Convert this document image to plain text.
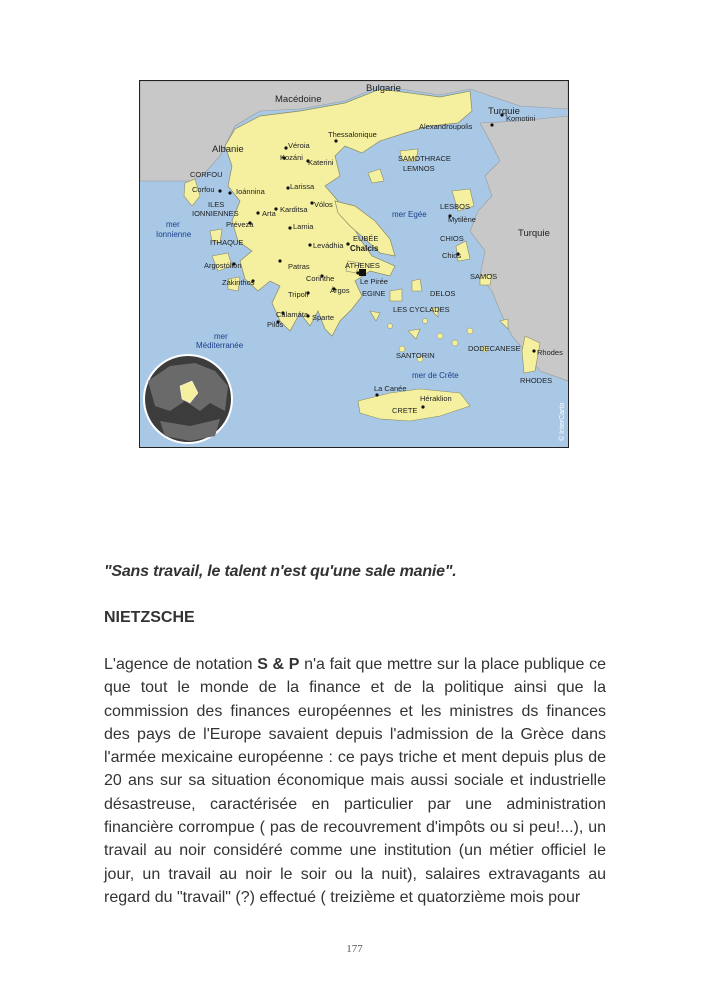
Bulgarie
Macédoine
Turquie
Turquie
Albanie
Komotini
Alexandroupolis
Thessalonique
Véroia
Kozáni
Katerini	SAMOTHRACE
LEMNOS
CORFOU
Corfou	Ioánnina
Larissa
ILES
IONNIENNES	Arta Karditsa
Vólos	LESBOS
Mytilène
Préveza	Lamia
EUBÉE	CHIOS
ITHAQUE	Levádhia
Chios
Argostólion	Patras	ATHENES
SAMOS
Zákinthos	Corinthe	Le Pirée
Árgos
Tripoli	EGINE	DELOS
LES CYCLADES
Calamáta Sparte
Pilos
DODECANESE Rhodes
SANTORIN
RHODES
La Canée
Héraklion
CRETE
Chalcis
mer Egée
mer
Ionnienne
mer
Méditerranée
mer de Crête
© InterCarto
"Sans travail, le talent n'est qu'une sale manie".
NIETZSCHE
L'agence de notation S & P n'a fait que mettre sur la place publique ce que tout le monde de la finance et de la politique ainsi que la commission des finances européennes et les ministres ds finances des pays de l'Europe savaient depuis l'admission de la Grèce dans l'armée mexicaine européenne : ce pays triche et ment depuis plus de 20 ans sur sa situation économique mais aussi sociale et industrielle désastreuse, caractérisée en particulier par une administration financière corrompue ( pas de recouvrement d'impôts ou si peu!...), un travail au noir considéré comme une institution (un métier officiel le jour, un travail au noir le soir ou la nuit), salaires extravagants au regard du "travail" (?) effectué ( treizième et quatorzième mois pour
177
